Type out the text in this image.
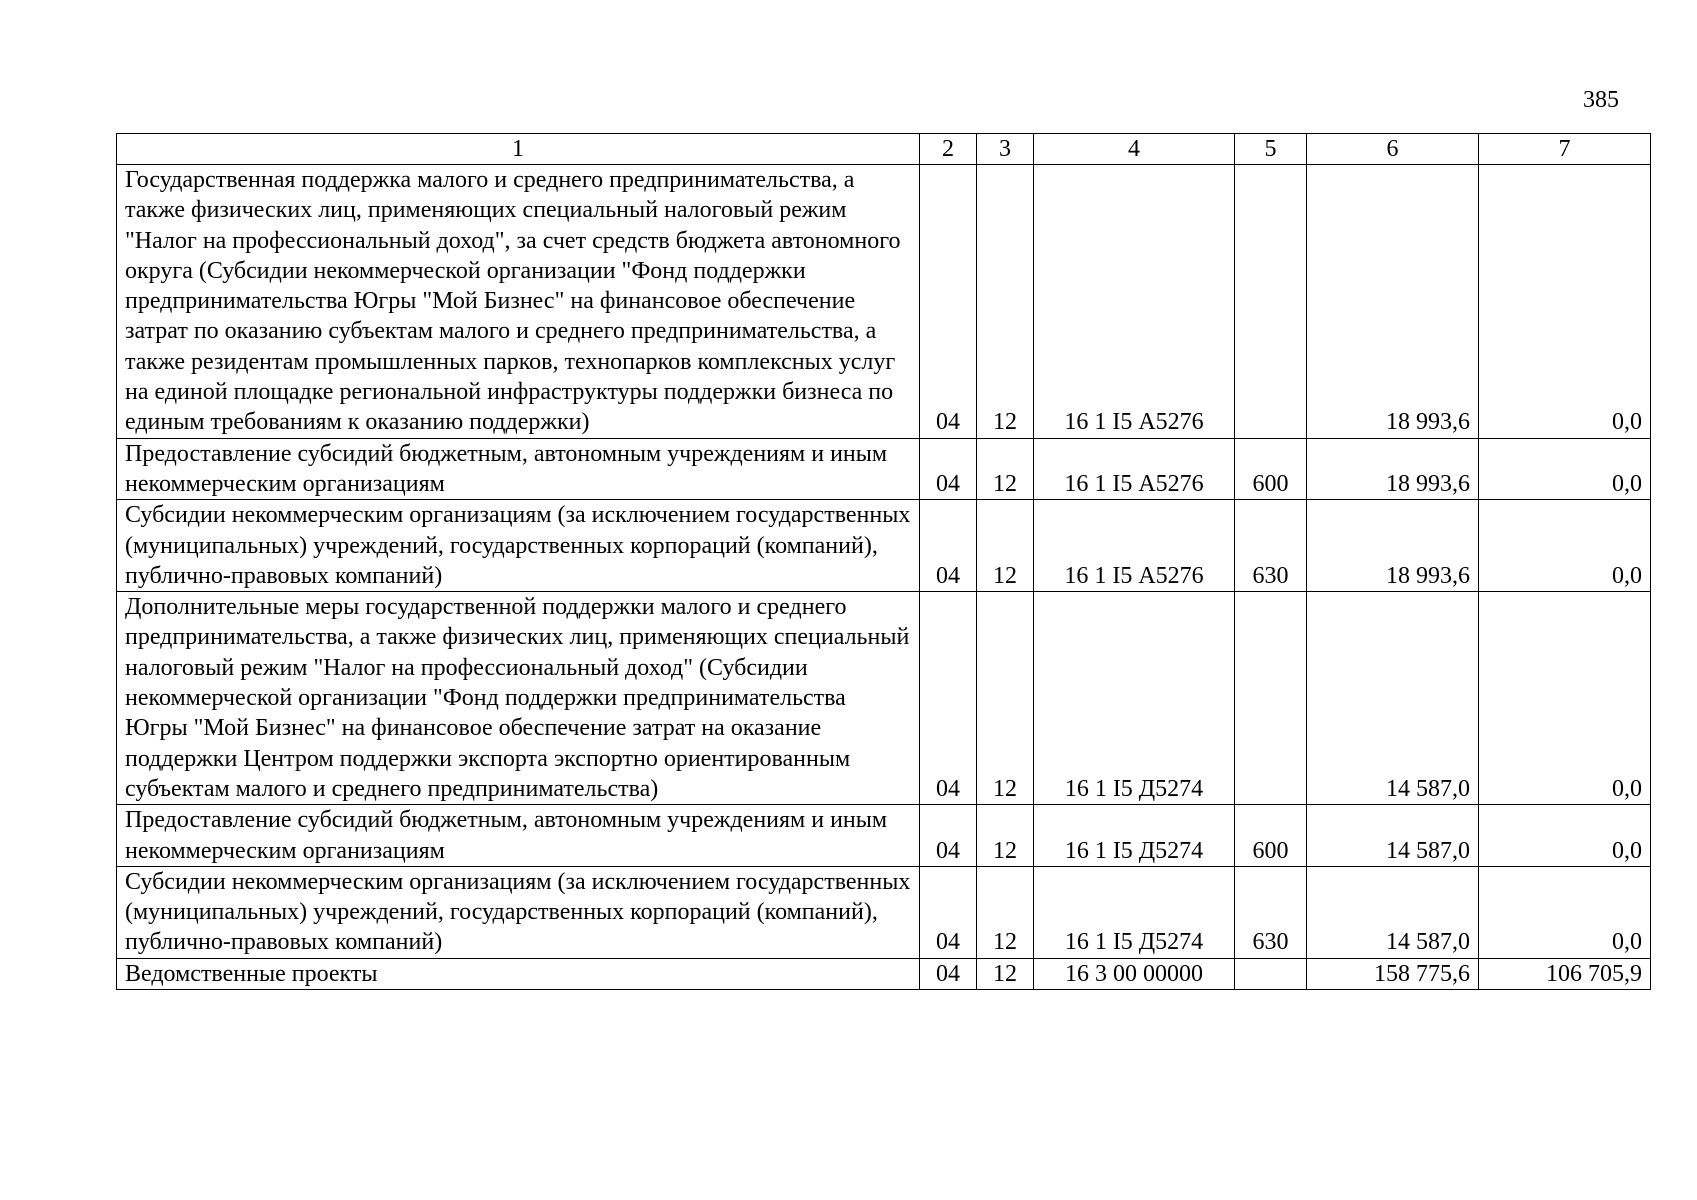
385
1	2	3	4	5	6	7
Государственная поддержка малого и среднего предпринимательства, а также физических лиц, применяющих специальный налоговый режим "Налог на профессиональный доход", за счет средств бюджета автономного округа (Субсидии некоммерческой организации "Фонд поддержки предпринимательства Югры "Мой Бизнес" на финансовое обеспечение затрат по оказанию субъектам малого и среднего предпринимательства, а также резидентам промышленных парков, технопарков комплексных услуг на единой площадке региональной инфраструктуры поддержки бизнеса по единым требованиям к оказанию поддержки)	04	12	16 1 I5 А5276		18 993,6	0,0
Предоставление субсидий бюджетным, автономным учреждениям и иным некоммерческим организациям	04	12	16 1 I5 А5276	600	18 993,6	0,0
Субсидии некоммерческим организациям (за исключением государственных (муниципальных) учреждений, государственных корпораций (компаний), публично-правовых компаний)	04	12	16 1 I5 А5276	630	18 993,6	0,0
Дополнительные меры государственной поддержки малого и среднего предпринимательства, а также физических лиц, применяющих специальный налоговый режим "Налог на профессиональный доход" (Субсидии некоммерческой организации "Фонд поддержки предпринимательства Югры "Мой Бизнес" на финансовое обеспечение затрат на оказание поддержки Центром поддержки экспорта экспортно ориентированным субъектам малого и среднего предпринимательства)	04	12	16 1 I5 Д5274		14 587,0	0,0
Предоставление субсидий бюджетным, автономным учреждениям и иным некоммерческим организациям	04	12	16 1 I5 Д5274	600	14 587,0	0,0
Субсидии некоммерческим организациям (за исключением государственных (муниципальных) учреждений, государственных корпораций (компаний), публично-правовых компаний)	04	12	16 1 I5 Д5274	630	14 587,0	0,0
Ведомственные проекты	04	12	16 3 00 00000		158 775,6	106 705,9
